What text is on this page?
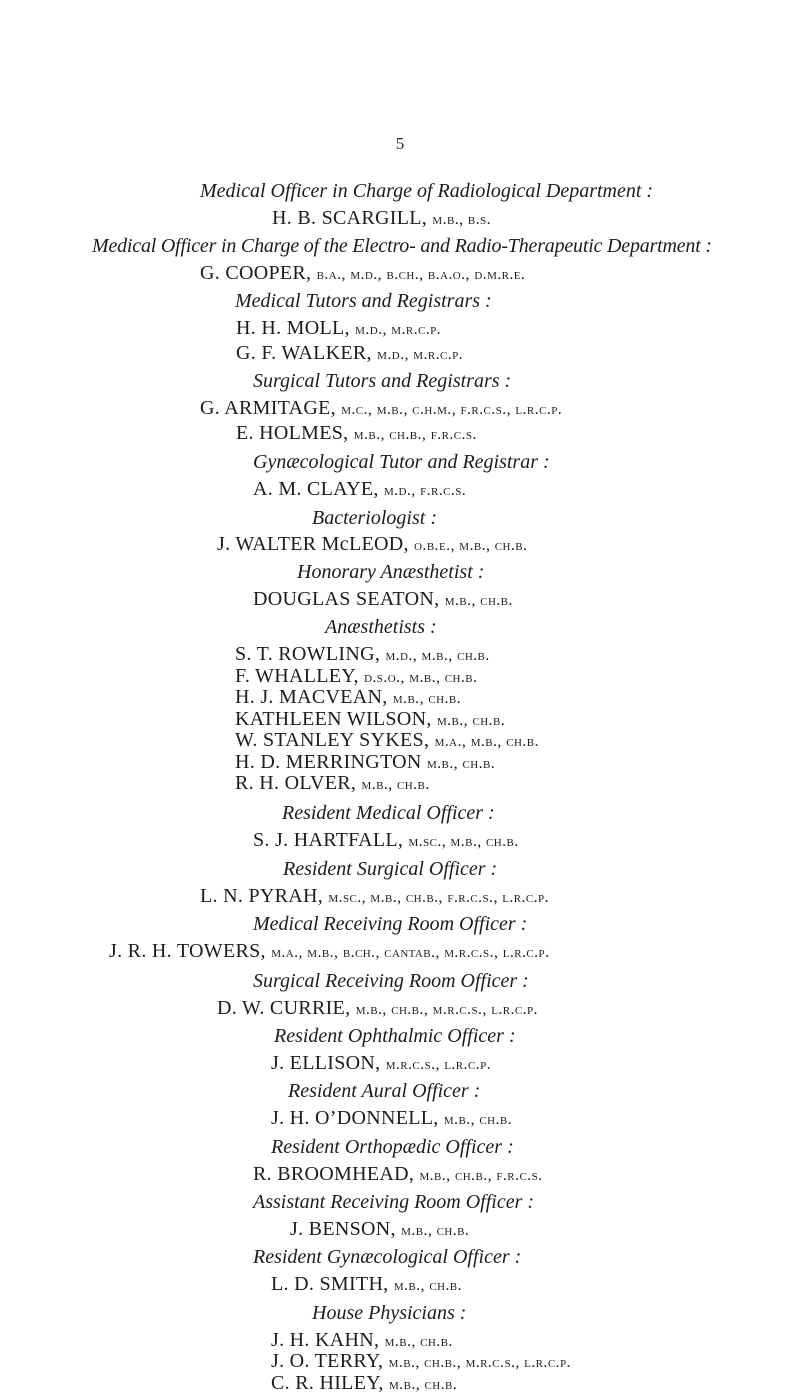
5
Medical Officer in Charge of Radiological Department :
H. B. SCARGILL, m.b., b.s.
Medical Officer in Charge of the Electro- and Radio-Therapeutic Department :
G. COOPER, b.a., m.d., b.ch., b.a.o., d.m.r.e.
Medical Tutors and Registrars :
H. H. MOLL, m.d., m.r.c.p.
G. F. WALKER, m.d., m.r.c.p.
Surgical Tutors and Registrars :
G. ARMITAGE, m.c., m.b., c.h.m., f.r.c.s., l.r.c.p.
E. HOLMES, m.b., ch.b., f.r.c.s.
Gynæcological Tutor and Registrar :
A. M. CLAYE, m.d., f.r.c.s.
Bacteriologist :
J. WALTER McLEOD, o.b.e., m.b., ch.b.
Honorary Anæsthetist :
DOUGLAS SEATON, m.b., ch.b.
Anæsthetists :
S. T. ROWLING, m.d., m.b., ch.b.
F. WHALLEY, d.s.o., m.b., ch.b.
H. J. MACVEAN, m.b., ch.b.
KATHLEEN WILSON, m.b., ch.b.
W. STANLEY SYKES, m.a., m.b., ch.b.
H. D. MERRINGTON m.b., ch.b.
R. H. OLVER, m.b., ch.b.
Resident Medical Officer :
S. J. HARTFALL, m.sc., m.b., ch.b.
Resident Surgical Officer :
L. N. PYRAH, m.sc., m.b., ch.b., f.r.c.s., l.r.c.p.
Medical Receiving Room Officer :
J. R. H. TOWERS, m.a., m.b., b.ch., cantab., m.r.c.s., l.r.c.p.
Surgical Receiving Room Officer :
D. W. CURRIE, m.b., ch.b., m.r.c.s., l.r.c.p.
Resident Ophthalmic Officer :
J. ELLISON, m.r.c.s., l.r.c.p.
Resident Aural Officer :
J. H. O’DONNELL, m.b., ch.b.
Resident Orthopædic Officer :
R. BROOMHEAD, m.b., ch.b., f.r.c.s.
Assistant Receiving Room Officer :
J. BENSON, m.b., ch.b.
Resident Gynæcological Officer :
L. D. SMITH, m.b., ch.b.
House Physicians :
J. H. KAHN, m.b., ch.b.
J. O. TERRY, m.b., ch.b., m.r.c.s., l.r.c.p.
C. R. HILEY, m.b., ch.b.
